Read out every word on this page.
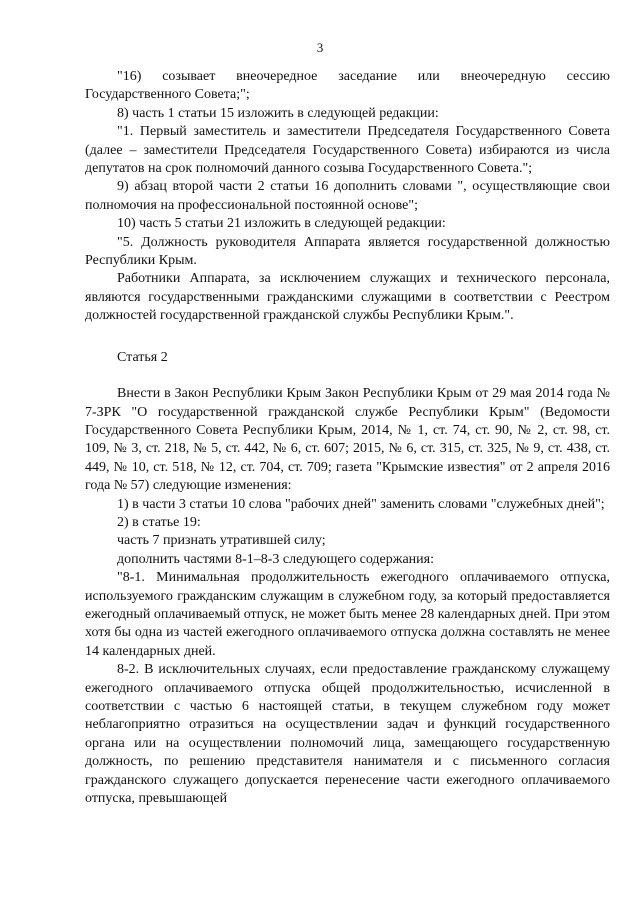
3

"16) созывает внеочередное заседание или внеочередную сессию Государственного Совета;";

8) часть 1 статьи 15 изложить в следующей редакции:

"1. Первый заместитель и заместители Председателя Государственного Совета (далее – заместители Председателя Государственного Совета) избираются из числа депутатов на срок полномочий данного созыва Государственного Совета.";

9) абзац второй части 2 статьи 16 дополнить словами ", осуществляющие свои полномочия на профессиональной постоянной основе";

10) часть 5 статьи 21 изложить в следующей редакции:

"5. Должность руководителя Аппарата является государственной должностью Республики Крым.

Работники Аппарата, за исключением служащих и технического персонала, являются государственными гражданскими служащими в соответствии с Реестром должностей государственной гражданской службы Республики Крым.".

Статья 2

Внести в Закон Республики Крым Закон Республики Крым от 29 мая 2014 года № 7-ЗРК "О государственной гражданской службе Республики Крым" (Ведомости Государственного Совета Республики Крым, 2014, № 1, ст. 74, ст. 90, № 2, ст. 98, ст. 109, № 3, ст. 218, № 5, ст. 442, № 6, ст. 607; 2015, № 6, ст. 315, ст. 325, № 9, ст. 438, ст. 449, № 10, ст. 518, № 12, ст. 704, ст. 709; газета "Крымские известия" от 2 апреля 2016 года № 57) следующие изменения:

1) в части 3 статьи 10 слова "рабочих дней" заменить словами "служебных дней";

2) в статье 19:

часть 7 признать утратившей силу;

дополнить частями 8-1–8-3 следующего содержания:

"8-1. Минимальная продолжительность ежегодного оплачиваемого отпуска, используемого гражданским служащим в служебном году, за который предоставляется ежегодный оплачиваемый отпуск, не может быть менее 28 календарных дней. При этом хотя бы одна из частей ежегодного оплачиваемого отпуска должна составлять не менее 14 календарных дней.

8-2. В исключительных случаях, если предоставление гражданскому служащему ежегодного оплачиваемого отпуска общей продолжительностью, исчисленной в соответствии с частью 6 настоящей статьи, в текущем служебном году может неблагоприятно отразиться на осуществлении задач и функций государственного органа или на осуществлении полномочий лица, замещающего государственную должность, по решению представителя нанимателя и с письменного согласия гражданского служащего допускается перенесение части ежегодного оплачиваемого отпуска, превышающей
